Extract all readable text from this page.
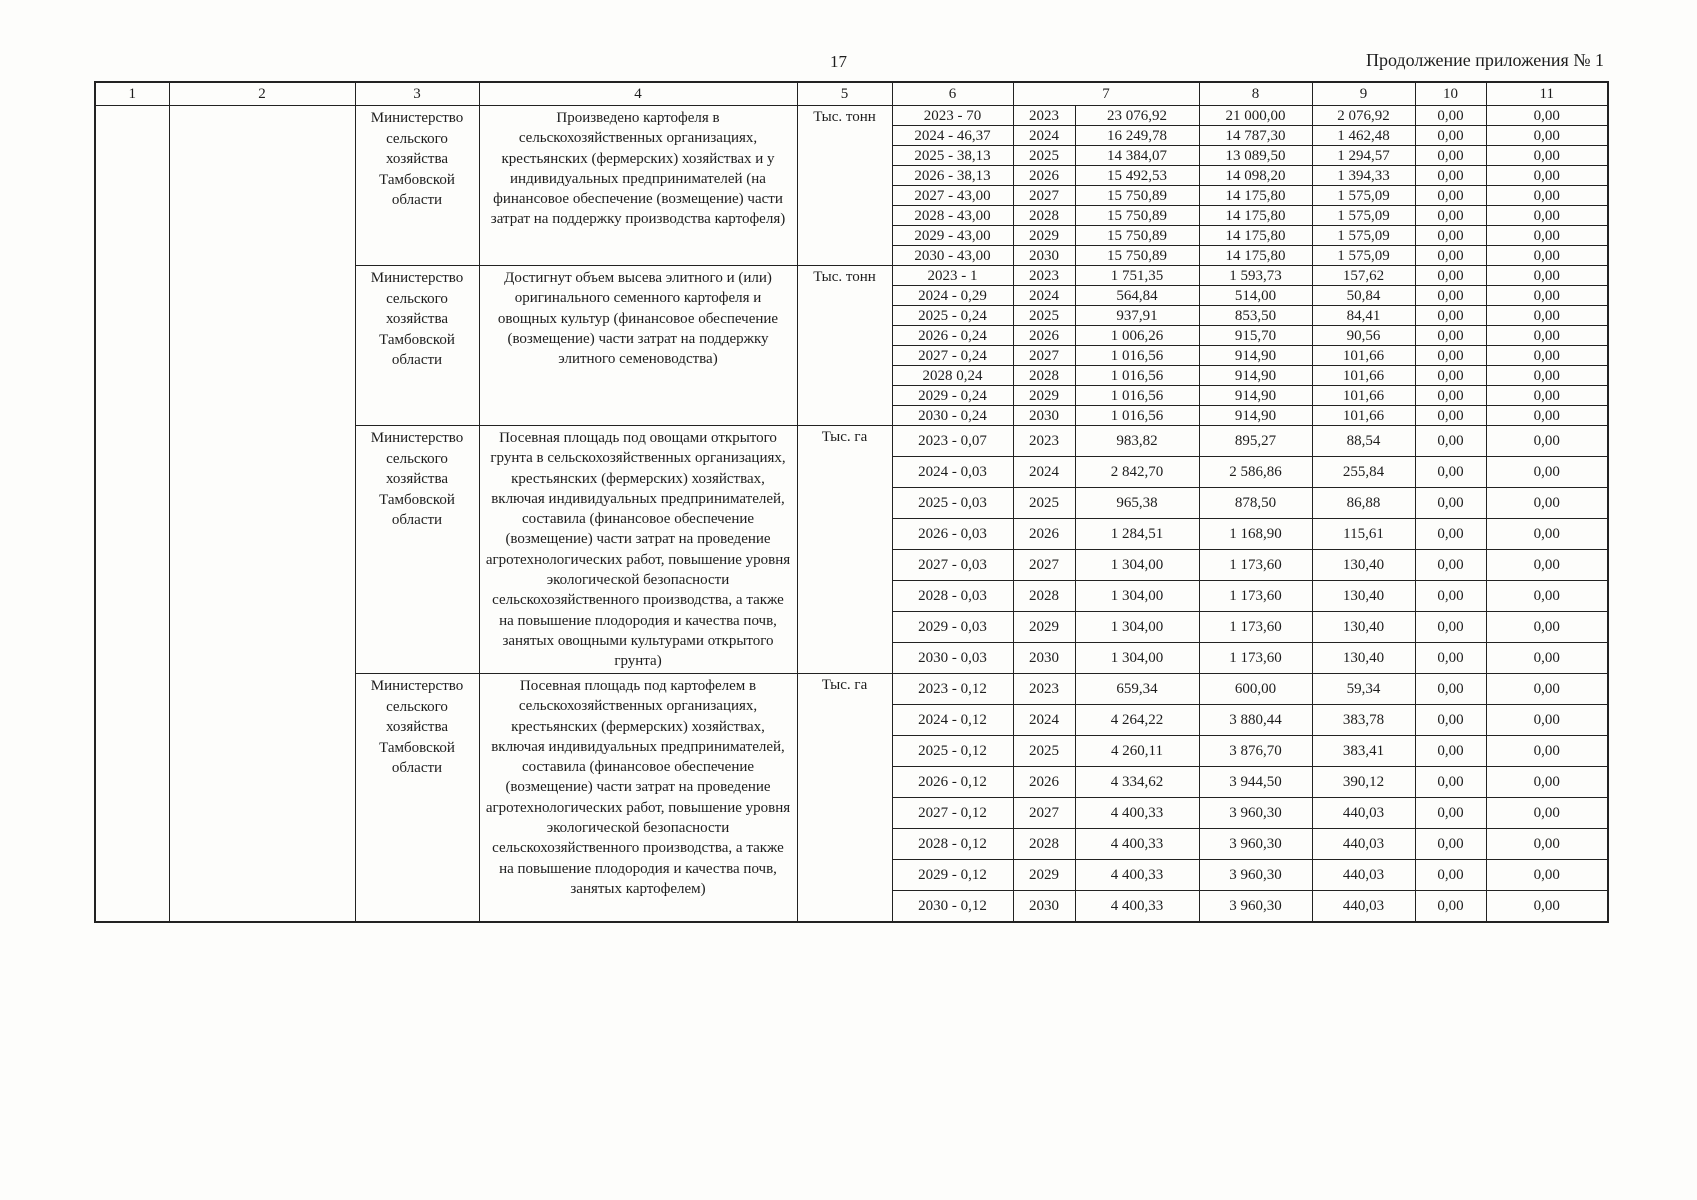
17	Продолжение приложения № 1
1	2	3	4	5	6	7		8	9	10	11
		Министерство сельского хозяйства Тамбовской области	Произведено картофеля в сельскохозяйственных организациях, крестьянских (фермерских) хозяйствах и у индивидуальных предпринимателей (на финансовое обеспечение (возмещение) части затрат на поддержку производства картофеля)	Тыс. тонн	2023 - 70	2023	23 076,92	21 000,00	2 076,92	0,00	0,00
					2024 - 46,37	2024	16 249,78	14 787,30	1 462,48	0,00	0,00
					2025 - 38,13	2025	14 384,07	13 089,50	1 294,57	0,00	0,00
					2026 - 38,13	2026	15 492,53	14 098,20	1 394,33	0,00	0,00
					2027 - 43,00	2027	15 750,89	14 175,80	1 575,09	0,00	0,00
					2028 - 43,00	2028	15 750,89	14 175,80	1 575,09	0,00	0,00
					2029 - 43,00	2029	15 750,89	14 175,80	1 575,09	0,00	0,00
					2030 - 43,00	2030	15 750,89	14 175,80	1 575,09	0,00	0,00
		Министерство сельского хозяйства Тамбовской области	Достигнут объем высева элитного и (или) оригинального семенного картофеля и овощных культур (финансовое обеспечение (возмещение) части затрат на поддержку элитного семеноводства)	Тыс. тонн	2023 - 1	2023	1 751,35	1 593,73	157,62	0,00	0,00
					2024 - 0,29	2024	564,84	514,00	50,84	0,00	0,00
					2025 - 0,24	2025	937,91	853,50	84,41	0,00	0,00
					2026 - 0,24	2026	1 006,26	915,70	90,56	0,00	0,00
					2027 - 0,24	2027	1 016,56	914,90	101,66	0,00	0,00
					2028 0,24	2028	1 016,56	914,90	101,66	0,00	0,00
					2029 - 0,24	2029	1 016,56	914,90	101,66	0,00	0,00
					2030 - 0,24	2030	1 016,56	914,90	101,66	0,00	0,00
		Министерство сельского хозяйства Тамбовской области	Посевная площадь под овощами открытого грунта в сельскохозяйственных организациях, крестьянских (фермерских) хозяйствах, включая индивидуальных предпринимателей, составила (финансовое обеспечение (возмещение) части затрат на проведение агротехнологических работ, повышение уровня экологической безопасности сельскохозяйственного производства, а также на повышение плодородия и качества почв, занятых овощными культурами открытого грунта)	Тыс. га	2023 - 0,07	2023	983,82	895,27	88,54	0,00	0,00
					2024 - 0,03	2024	2 842,70	2 586,86	255,84	0,00	0,00
					2025 - 0,03	2025	965,38	878,50	86,88	0,00	0,00
					2026 - 0,03	2026	1 284,51	1 168,90	115,61	0,00	0,00
					2027 - 0,03	2027	1 304,00	1 173,60	130,40	0,00	0,00
					2028 - 0,03	2028	1 304,00	1 173,60	130,40	0,00	0,00
					2029 - 0,03	2029	1 304,00	1 173,60	130,40	0,00	0,00
					2030 - 0,03	2030	1 304,00	1 173,60	130,40	0,00	0,00
		Министерство сельского хозяйства Тамбовской области	Посевная площадь под картофелем в сельскохозяйственных организациях, крестьянских (фермерских) хозяйствах, включая индивидуальных предпринимателей, составила (финансовое обеспечение (возмещение) части затрат на проведение агротехнологических работ, повышение уровня экологической безопасности сельскохозяйственного производства, а также на повышение плодородия и качества почв, занятых картофелем)	Тыс. га	2023 - 0,12	2023	659,34	600,00	59,34	0,00	0,00
					2024 - 0,12	2024	4 264,22	3 880,44	383,78	0,00	0,00
					2025 - 0,12	2025	4 260,11	3 876,70	383,41	0,00	0,00
					2026 - 0,12	2026	4 334,62	3 944,50	390,12	0,00	0,00
					2027 - 0,12	2027	4 400,33	3 960,30	440,03	0,00	0,00
					2028 - 0,12	2028	4 400,33	3 960,30	440,03	0,00	0,00
					2029 - 0,12	2029	4 400,33	3 960,30	440,03	0,00	0,00
					2030 - 0,12	2030	4 400,33	3 960,30	440,03	0,00	0,00
